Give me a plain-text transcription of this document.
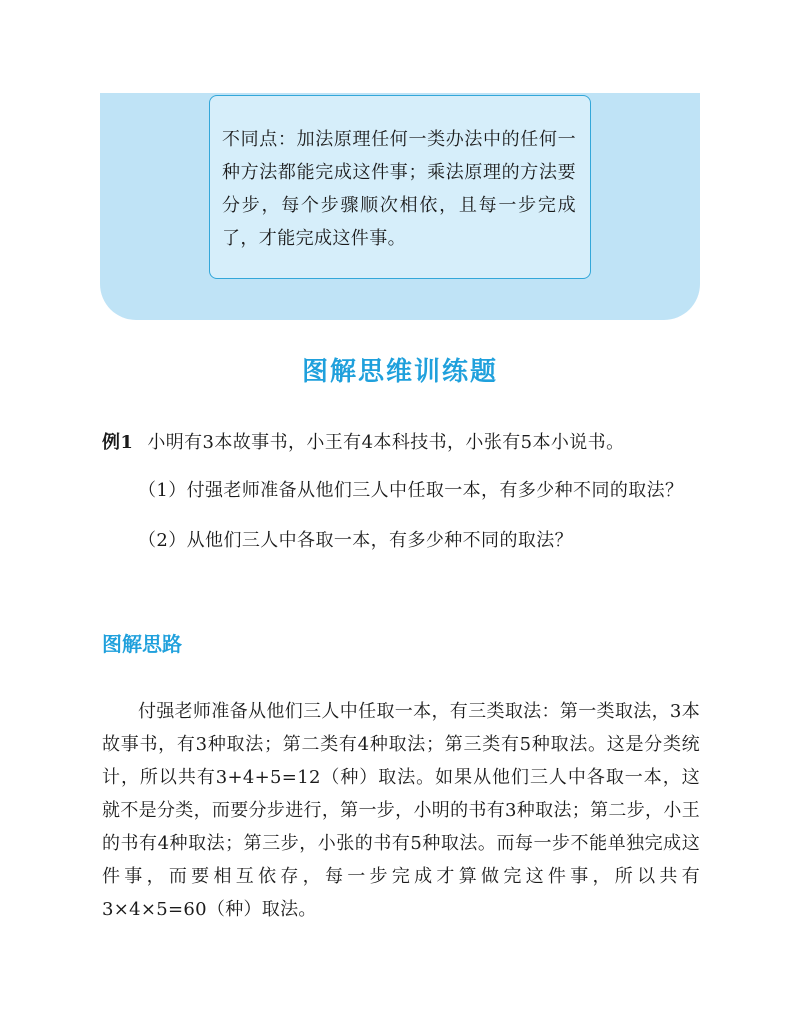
不同点：加法原理任何一类办法中的任何一种方法都能完成这件事；乘法原理的方法要分步，每个步骤顺次相依，且每一步完成了，才能完成这件事。

图解思维训练题

例1 小明有3本故事书，小王有4本科技书，小张有5本小说书。

（1）付强老师准备从他们三人中任取一本，有多少种不同的取法？

（2）从他们三人中各取一本，有多少种不同的取法？

图解思路

付强老师准备从他们三人中任取一本，有三类取法：第一类取法，3本故事书，有3种取法；第二类有4种取法；第三类有5种取法。这是分类统计，所以共有3+4+5=12（种）取法。如果从他们三人中各取一本，这就不是分类，而要分步进行，第一步，小明的书有3种取法；第二步，小王的书有4种取法；第三步，小张的书有5种取法。而每一步不能单独完成这件事，而要相互依存，每一步完成才算做完这件事，所以共有3×4×5=60（种）取法。
